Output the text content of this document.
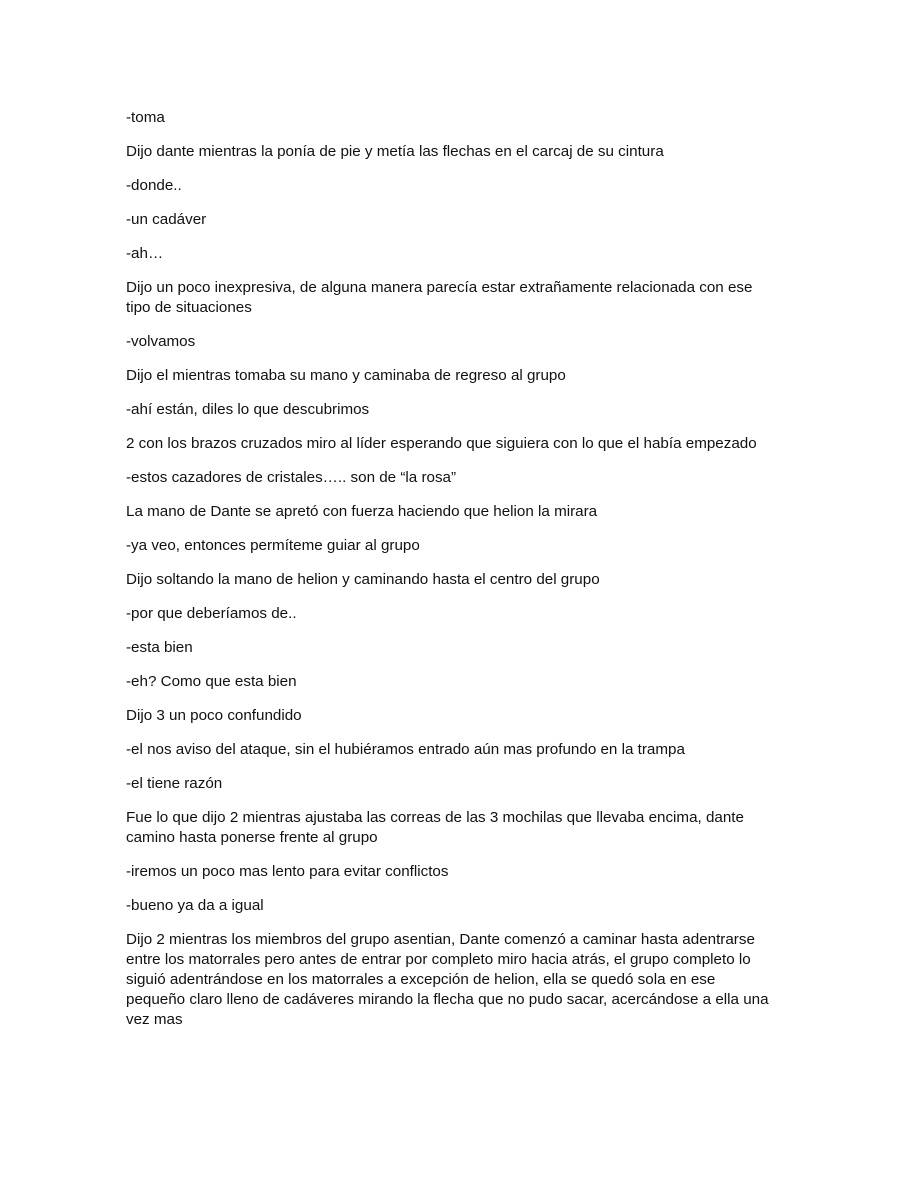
-toma

Dijo dante mientras la ponía de pie y metía las flechas en el carcaj de su cintura

-donde..

-un cadáver

-ah…

Dijo un poco inexpresiva, de alguna manera parecía estar extrañamente relacionada con ese tipo de situaciones

-volvamos

Dijo el mientras tomaba su mano y caminaba de regreso al grupo

-ahí están, diles lo que descubrimos

2 con los brazos cruzados miro al líder esperando que siguiera con lo que el había empezado

-estos cazadores de cristales….. son de “la rosa”

La mano de Dante se apretó con fuerza haciendo que helion la mirara

-ya veo, entonces permíteme guiar al grupo

Dijo soltando la mano de helion y caminando hasta el centro del grupo

-por que deberíamos de..

-esta bien

-eh? Como que esta bien

Dijo 3 un poco confundido

-el nos aviso del ataque, sin el hubiéramos entrado aún mas profundo en la trampa

-el tiene razón

Fue lo que dijo 2 mientras ajustaba las correas de las 3 mochilas que llevaba encima, dante camino hasta ponerse frente al grupo

-iremos un poco mas lento para evitar conflictos

-bueno ya da a igual

Dijo 2 mientras los miembros del grupo asentian, Dante comenzó a caminar hasta adentrarse entre los matorrales pero antes de entrar por completo miro hacia atrás, el grupo completo lo siguió adentrándose en los matorrales a excepción de helion, ella se quedó sola en ese pequeño claro lleno de cadáveres mirando la flecha que no pudo sacar, acercándose a ella una vez mas
